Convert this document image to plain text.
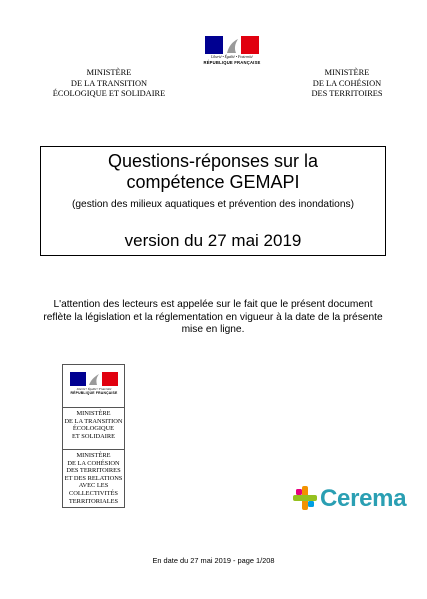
Liberté • Égalité • Fraternité
RÉPUBLIQUE FRANÇAISE
MINISTÈRE
DE LA TRANSITION
ÉCOLOGIQUE ET SOLIDAIRE
MINISTÈRE
DE LA COHÉSION
DES TERRITOIRES
Questions-réponses sur la
compétence GEMAPI
(gestion des milieux aquatiques et prévention des inondations)
version du 27 mai 2019
L'attention des lecteurs est appelée sur le fait que le présent document
reflète la législation et la réglementation en vigueur à la date de la présente
mise en ligne.
Liberté • Égalité • Fraternité
RÉPUBLIQUE FRANÇAISE
MINISTÈRE
DE LA TRANSITION
ÉCOLOGIQUE
ET SOLIDAIRE
MINISTÈRE
DE LA COHÉSION
DES TERRITOIRES
ET DES RELATIONS
AVEC LES
COLLECTIVITÉS
TERRITORIALES	Cerema
En date du 27 mai 2019 - page 1/208
